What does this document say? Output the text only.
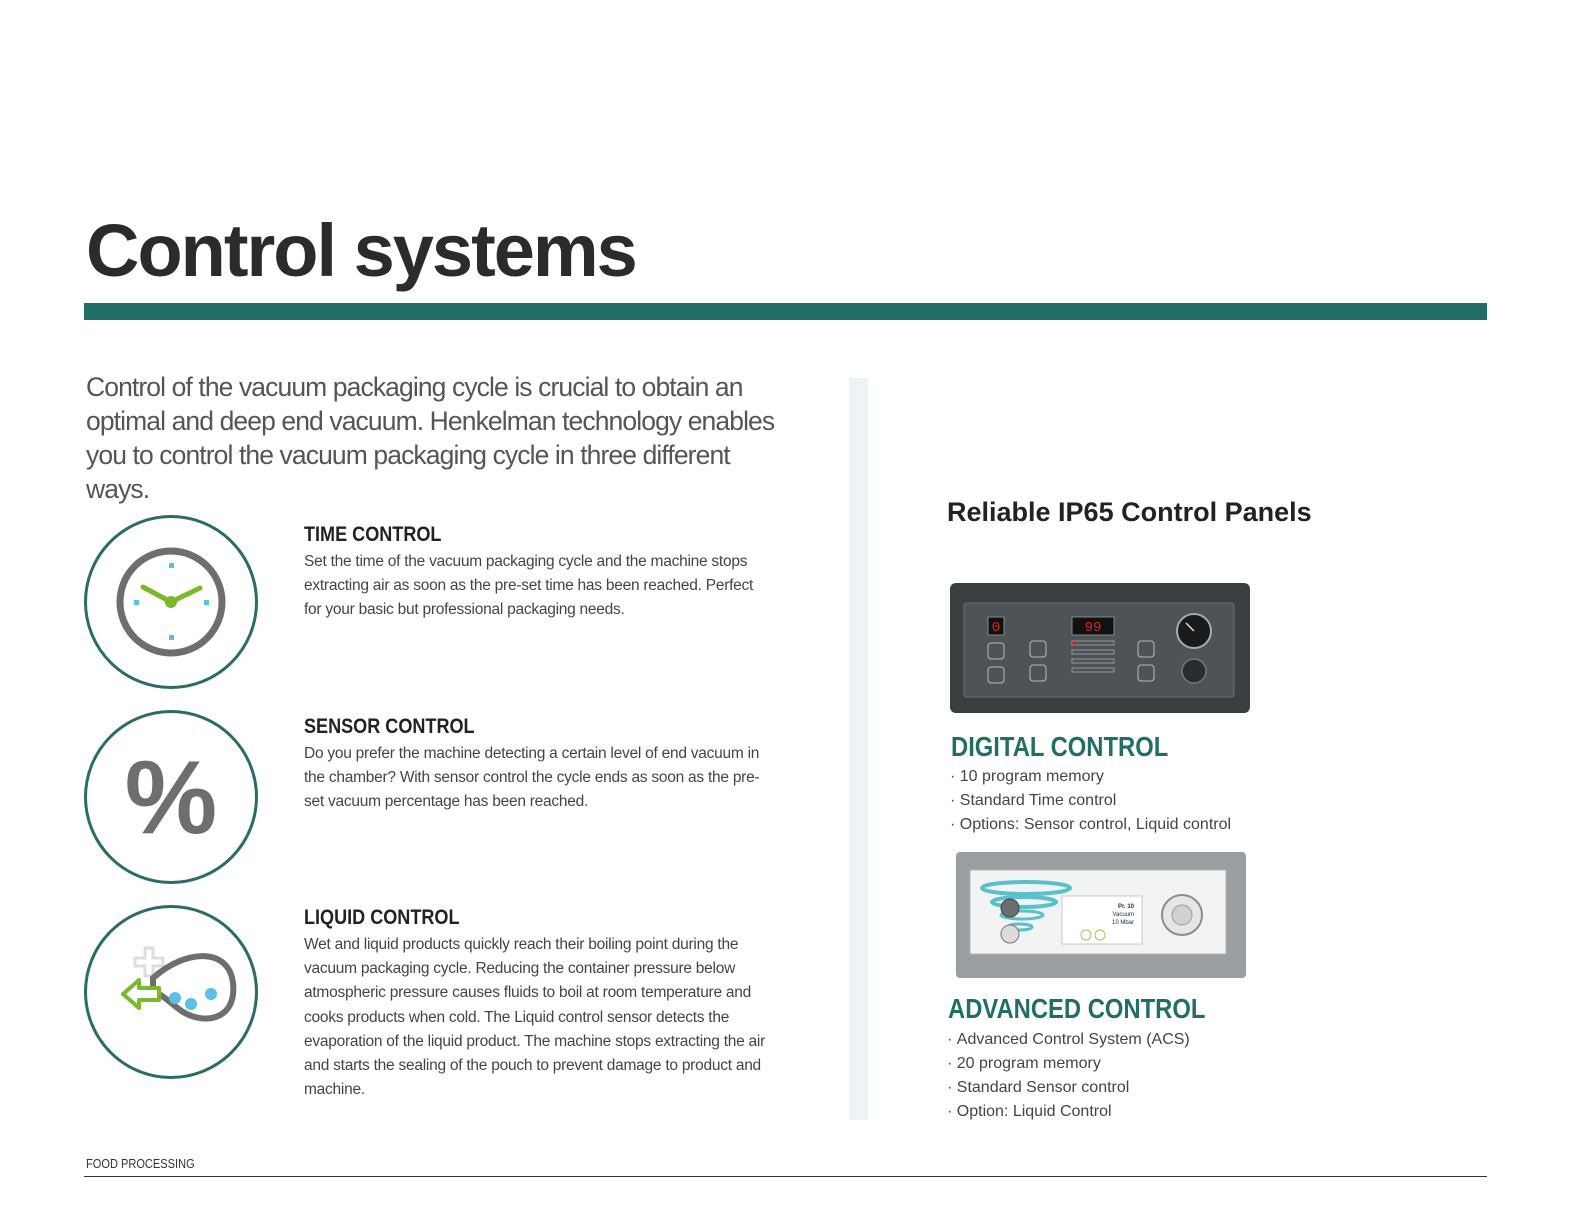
Control systems

Control of the vacuum packaging cycle is crucial to obtain an optimal and deep end vacuum. Henkelman technology enables you to control the vacuum packaging cycle in three different ways.

TIME CONTROL

Set the time of the vacuum packaging cycle and the machine stops extracting air as soon as the pre-set time has been reached. Perfect for your basic but professional packaging needs.

%
SENSOR CONTROL

Do you prefer the machine detecting a certain level of end vacuum in the chamber? With sensor control the cycle ends as soon as the pre-set vacuum percentage has been reached.

LIQUID CONTROL

Wet and liquid products quickly reach their boiling point during the vacuum packaging cycle. Reducing the container pressure below atmospheric pressure causes fluids to boil at room temperature and cooks products when cold. The Liquid control sensor detects the evaporation of the liquid product. The machine stops extracting the air and starts the sealing of the pouch to prevent damage to product and machine.

Reliable IP65 Control Panels
0	99
DIGITAL CONTROL
· 10 program memory
· Standard Time control
· Options: Sensor control, Liquid control
Pr. 10
Vacuum
10 Mbar
ADVANCED CONTROL
· Advanced Control System (ACS)
· 20 program memory
· Standard Sensor control
· Option: Liquid Control
FOOD PROCESSING
